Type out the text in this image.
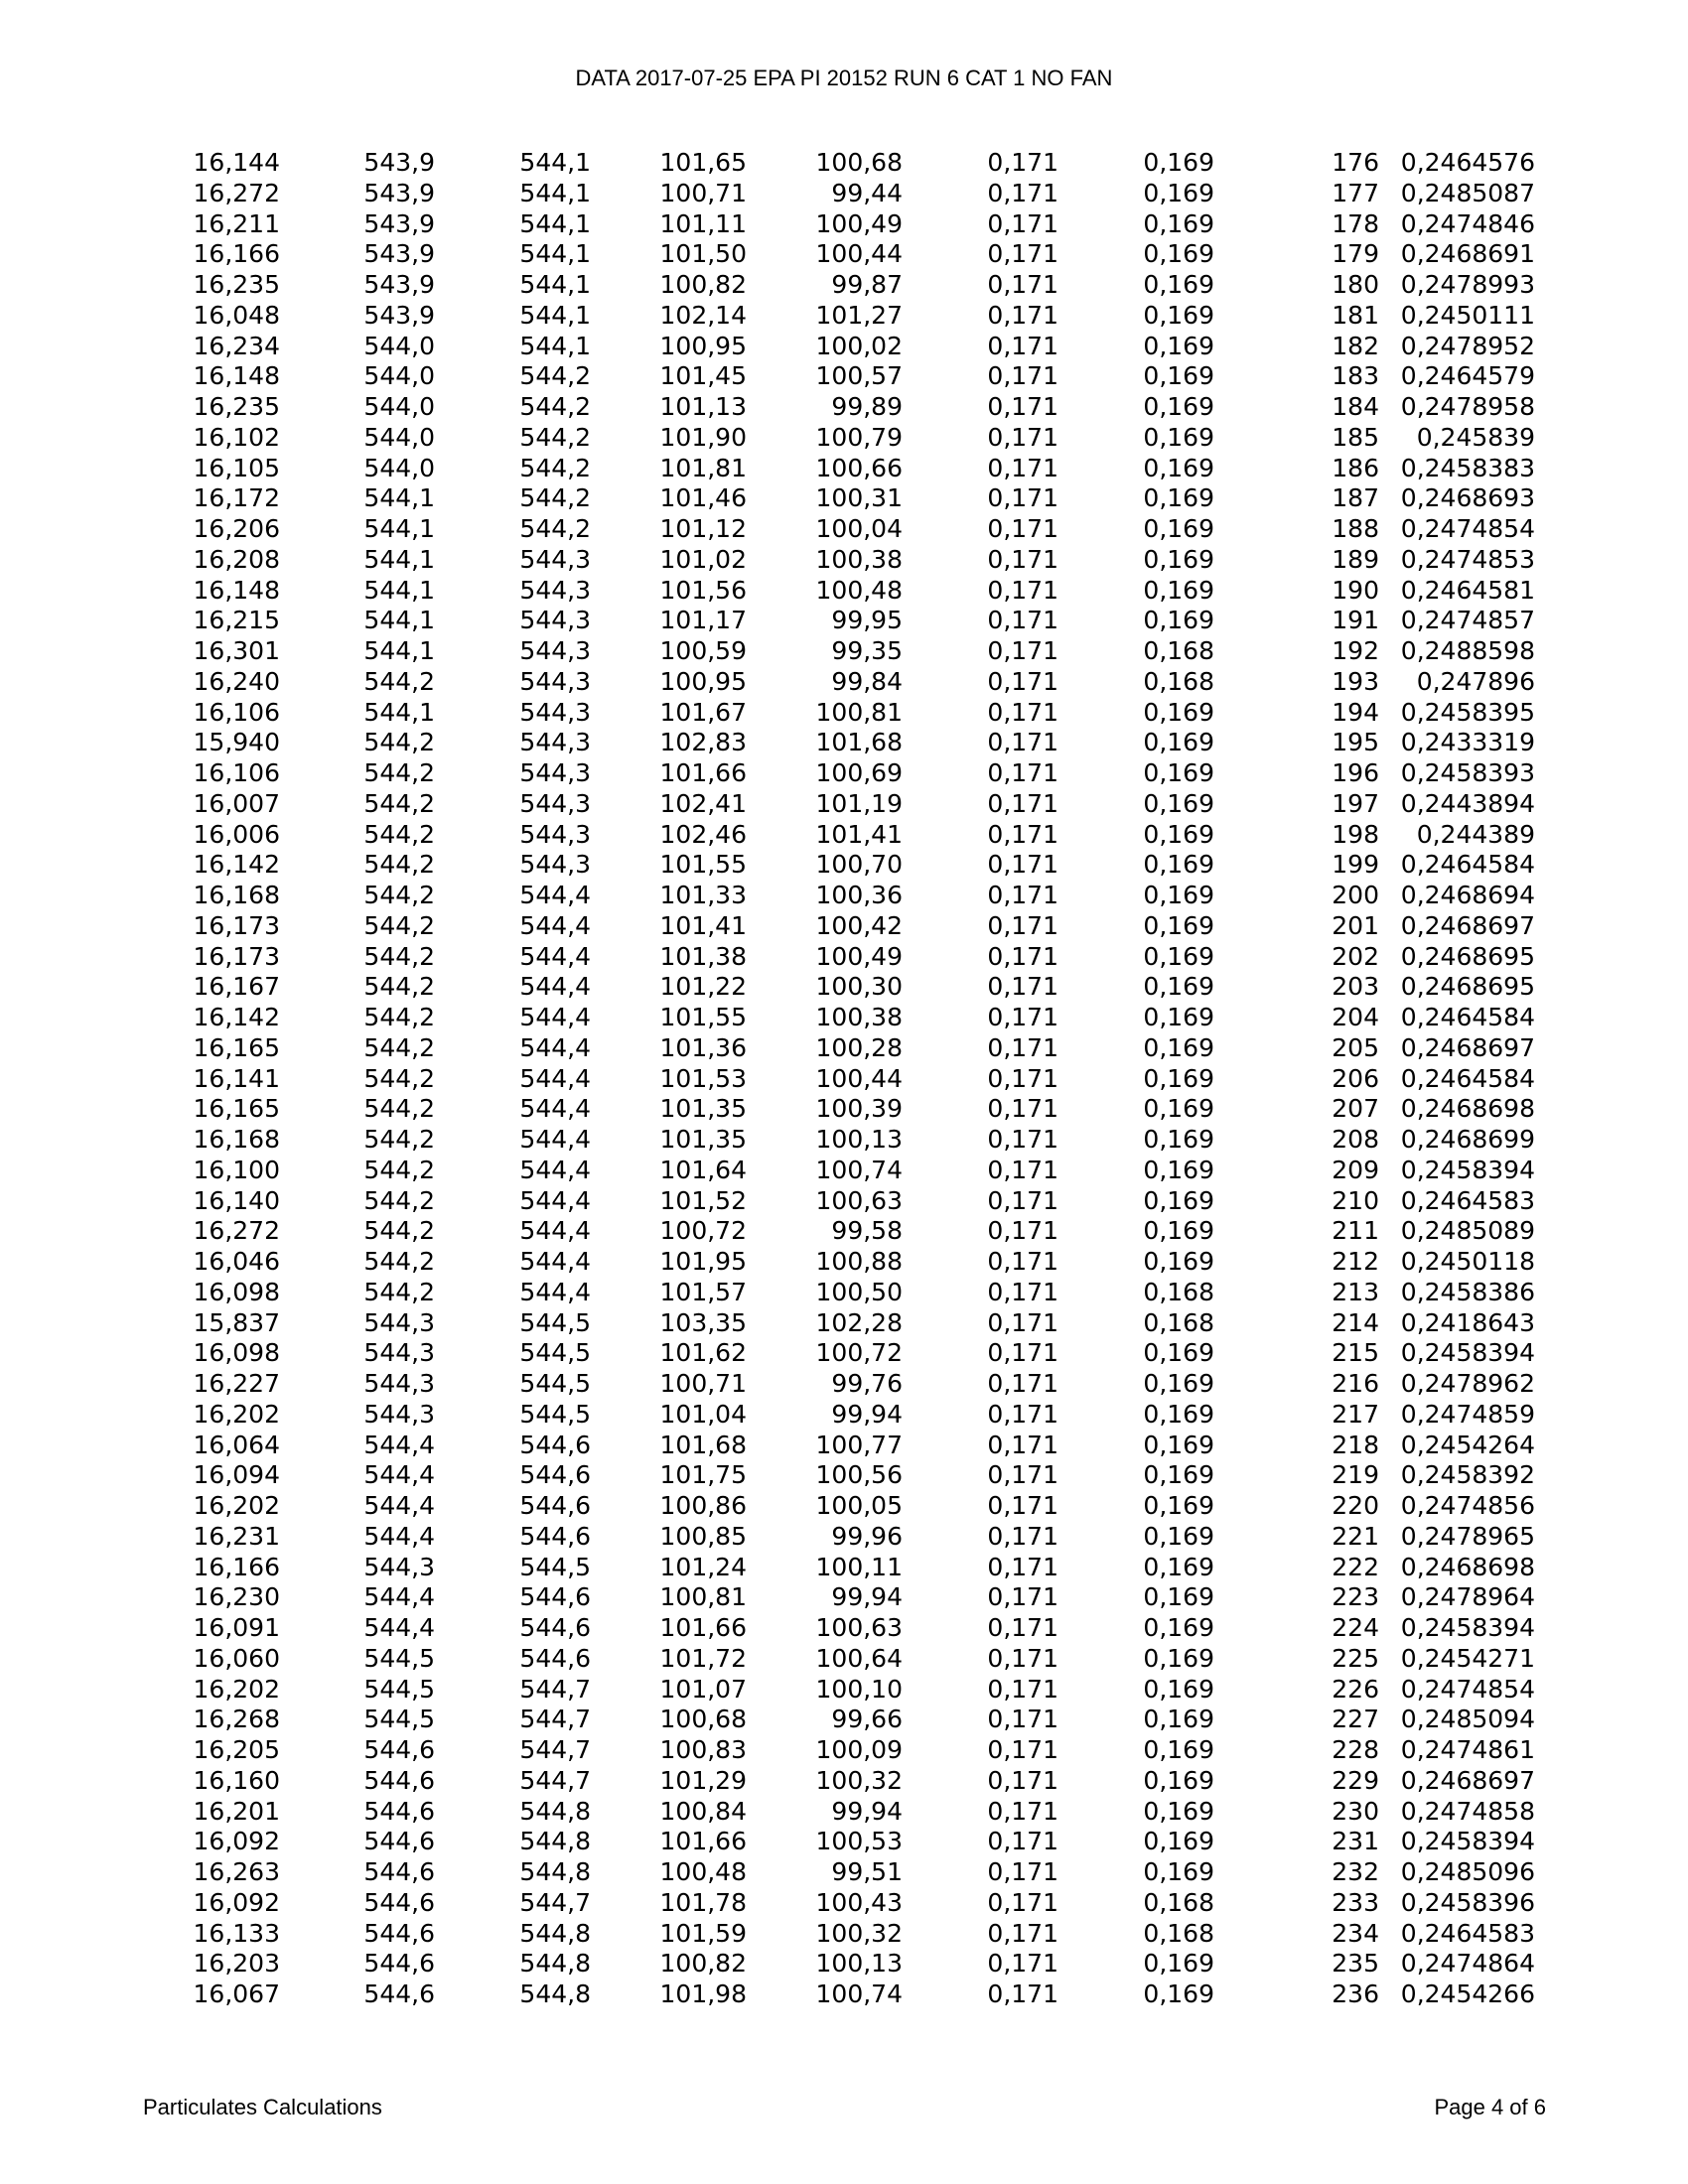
DATA 2017-07-25 EPA PI 20152 RUN 6 CAT 1 NO FAN
16,144	543,9	544,1	101,65	100,68	0,171	0,169	176 0,2464576
16,272	543,9	544,1	100,71	99,44	0,171	0,169	177 0,2485087
16,211	543,9	544,1	101,11	100,49	0,171	0,169	178 0,2474846
16,166	543,9	544,1	101,50	100,44	0,171	0,169	179 0,2468691
16,235	543,9	544,1	100,82	99,87	0,171	0,169	180 0,2478993
16,048	543,9	544,1	102,14	101,27	0,171	0,169	181 0,2450111
16,234	544,0	544,1	100,95	100,02	0,171	0,169	182 0,2478952
16,148	544,0	544,2	101,45	100,57	0,171	0,169	183 0,2464579
16,235	544,0	544,2	101,13	99,89	0,171	0,169	184 0,2478958
16,102	544,0	544,2	101,90	100,79	0,171	0,169	185 0,245839
16,105	544,0	544,2	101,81	100,66	0,171	0,169	186 0,2458383
16,172	544,1	544,2	101,46	100,31	0,171	0,169	187 0,2468693
16,206	544,1	544,2	101,12	100,04	0,171	0,169	188 0,2474854
16,208	544,1	544,3	101,02	100,38	0,171	0,169	189 0,2474853
16,148	544,1	544,3	101,56	100,48	0,171	0,169	190 0,2464581
16,215	544,1	544,3	101,17	99,95	0,171	0,169	191 0,2474857
16,301	544,1	544,3	100,59	99,35	0,171	0,168	192 0,2488598
16,240	544,2	544,3	100,95	99,84	0,171	0,168	193 0,247896
16,106	544,1	544,3	101,67	100,81	0,171	0,169	194 0,2458395
15,940	544,2	544,3	102,83	101,68	0,171	0,169	195 0,2433319
16,106	544,2	544,3	101,66	100,69	0,171	0,169	196 0,2458393
16,007	544,2	544,3	102,41	101,19	0,171	0,169	197 0,2443894
16,006	544,2	544,3	102,46	101,41	0,171	0,169	198 0,244389
16,142	544,2	544,3	101,55	100,70	0,171	0,169	199 0,2464584
16,168	544,2	544,4	101,33	100,36	0,171	0,169	200 0,2468694
16,173	544,2	544,4	101,41	100,42	0,171	0,169	201 0,2468697
16,173	544,2	544,4	101,38	100,49	0,171	0,169	202 0,2468695
16,167	544,2	544,4	101,22	100,30	0,171	0,169	203 0,2468695
16,142	544,2	544,4	101,55	100,38	0,171	0,169	204 0,2464584
16,165	544,2	544,4	101,36	100,28	0,171	0,169	205 0,2468697
16,141	544,2	544,4	101,53	100,44	0,171	0,169	206 0,2464584
16,165	544,2	544,4	101,35	100,39	0,171	0,169	207 0,2468698
16,168	544,2	544,4	101,35	100,13	0,171	0,169	208 0,2468699
16,100	544,2	544,4	101,64	100,74	0,171	0,169	209 0,2458394
16,140	544,2	544,4	101,52	100,63	0,171	0,169	210 0,2464583
16,272	544,2	544,4	100,72	99,58	0,171	0,169	211 0,2485089
16,046	544,2	544,4	101,95	100,88	0,171	0,169	212 0,2450118
16,098	544,2	544,4	101,57	100,50	0,171	0,168	213 0,2458386
15,837	544,3	544,5	103,35	102,28	0,171	0,168	214 0,2418643
16,098	544,3	544,5	101,62	100,72	0,171	0,169	215 0,2458394
16,227	544,3	544,5	100,71	99,76	0,171	0,169	216 0,2478962
16,202	544,3	544,5	101,04	99,94	0,171	0,169	217 0,2474859
16,064	544,4	544,6	101,68	100,77	0,171	0,169	218 0,2454264
16,094	544,4	544,6	101,75	100,56	0,171	0,169	219 0,2458392
16,202	544,4	544,6	100,86	100,05	0,171	0,169	220 0,2474856
16,231	544,4	544,6	100,85	99,96	0,171	0,169	221 0,2478965
16,166	544,3	544,5	101,24	100,11	0,171	0,169	222 0,2468698
16,230	544,4	544,6	100,81	99,94	0,171	0,169	223 0,2478964
16,091	544,4	544,6	101,66	100,63	0,171	0,169	224 0,2458394
16,060	544,5	544,6	101,72	100,64	0,171	0,169	225 0,2454271
16,202	544,5	544,7	101,07	100,10	0,171	0,169	226 0,2474854
16,268	544,5	544,7	100,68	99,66	0,171	0,169	227 0,2485094
16,205	544,6	544,7	100,83	100,09	0,171	0,169	228 0,2474861
16,160	544,6	544,7	101,29	100,32	0,171	0,169	229 0,2468697
16,201	544,6	544,8	100,84	99,94	0,171	0,169	230 0,2474858
16,092	544,6	544,8	101,66	100,53	0,171	0,169	231 0,2458394
16,263	544,6	544,8	100,48	99,51	0,171	0,169	232 0,2485096
16,092	544,6	544,7	101,78	100,43	0,171	0,168	233 0,2458396
16,133	544,6	544,8	101,59	100,32	0,171	0,168	234 0,2464583
16,203	544,6	544,8	100,82	100,13	0,171	0,169	235 0,2474864
16,067	544,6	544,8	101,98	100,74	0,171	0,169	236 0,2454266
Particulates Calculations	Page 4 of 6
